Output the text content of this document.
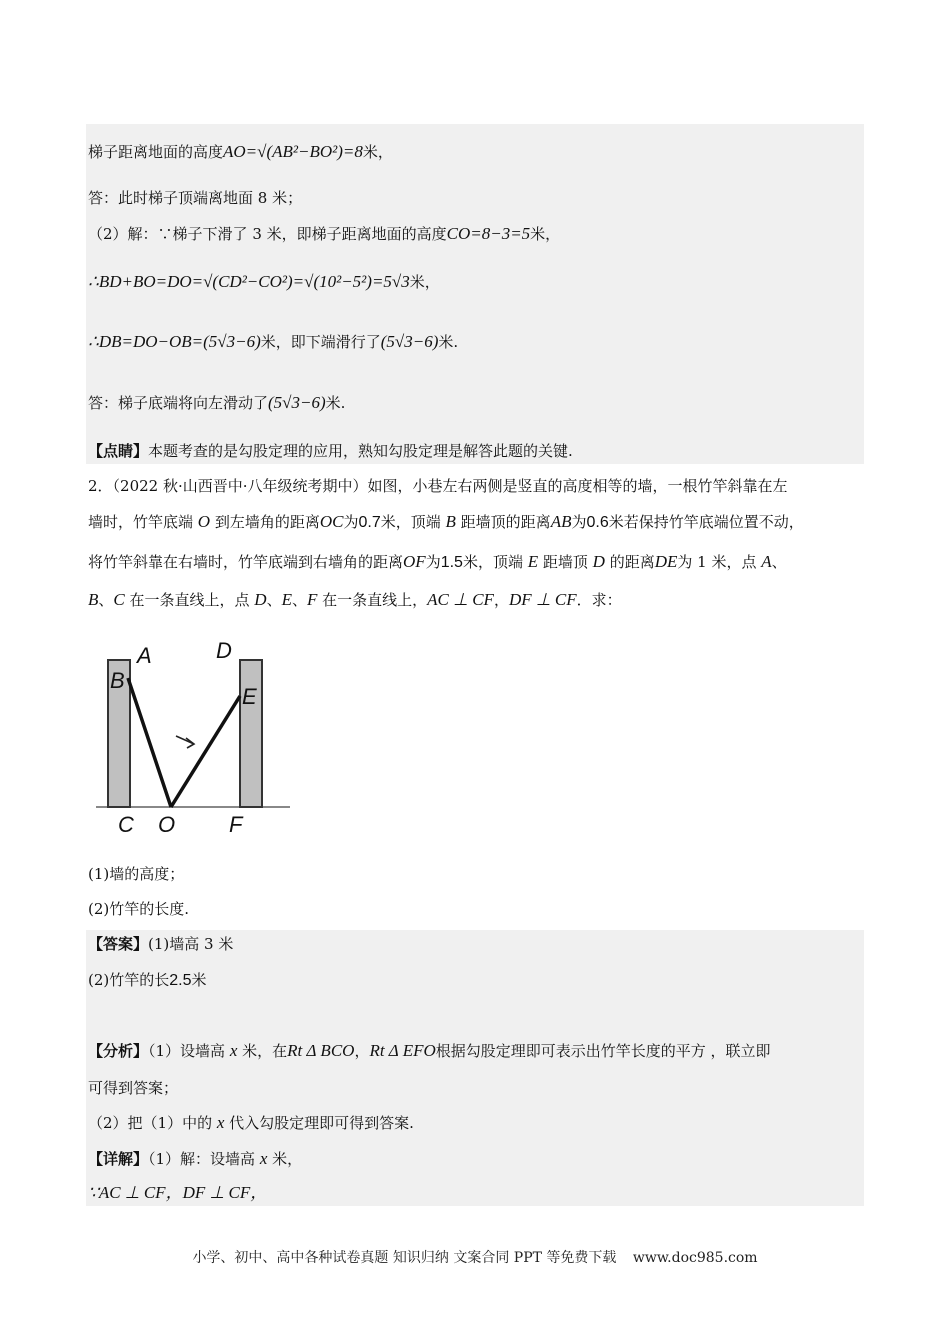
梯子距离地面的高度AO=√(AB²−BO²)=8米，
答：此时梯子顶端离地面 8 米；
（2）解：∵梯子下滑了 3 米，即梯子距离地面的高度CO=8−3=5米，
∴BD+BO=DO=√(CD²−CO²)=√(10²−5²)=5√3米，
∴DB=DO−OB=(5√3−6)米，即下端滑行了(5√3−6)米.
答：梯子底端将向左滑动了(5√3−6)米.
【点睛】本题考查的是勾股定理的应用，熟知勾股定理是解答此题的关键.
2．（2022 秋·山西晋中·八年级统考期中）如图，小巷左右两侧是竖直的高度相等的墙，一根竹竿斜靠在左
墙时，竹竿底端 O 到左墙角的距离OC为0.7米，顶端 B 距墙顶的距离AB为0.6米若保持竹竿底端位置不动，
将竹竿斜靠在右墙时，竹竿底端到右墙角的距离OF为1.5米，顶端 E 距墙顶 D 的距离DE为 1 米，点 A、
B、C 在一条直线上，点 D、E、F 在一条直线上，AC ⊥ CF，DF ⊥ CF．求：
A
B
C O F
D
E
(1)墙的高度；
(2)竹竿的长度.
【答案】(1)墙高 3 米
(2)竹竿的长2.5米
【分析】（1）设墙高 x 米，在Rt Δ BCO，Rt Δ EFO根据勾股定理即可表示出竹竿长度的平方 ，联立即
可得到答案；
（2）把（1）中的 x 代入勾股定理即可得到答案.
【详解】（1）解：设墙高 x 米，
∵AC ⊥ CF，DF ⊥ CF，
小学、初中、高中各种试卷真题 知识归纳 文案合同 PPT 等免费下载 www.doc985.com
